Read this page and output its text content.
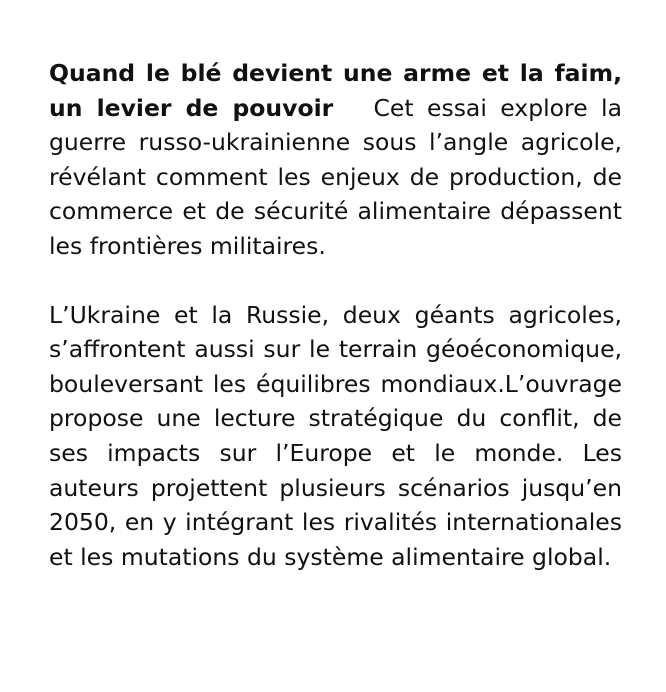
Quand le blé devient une arme et la faim, un levier de pouvoir Cet essai explore la guerre russo-ukrainienne sous l’angle agricole, révélant comment les enjeux de production, de commerce et de sécurité alimentaire dépassent les frontières militaires.

L’Ukraine et la Russie, deux géants agricoles, s’affrontent aussi sur le terrain géoéconomique, bouleversant les équilibres mondiaux.L’ouvrage propose une lecture stratégique du conflit, de ses impacts sur l’Europe et le monde. Les auteurs projettent plusieurs scénarios jusqu’en 2050, en y intégrant les rivalités internationales et les mutations du système alimentaire global.
